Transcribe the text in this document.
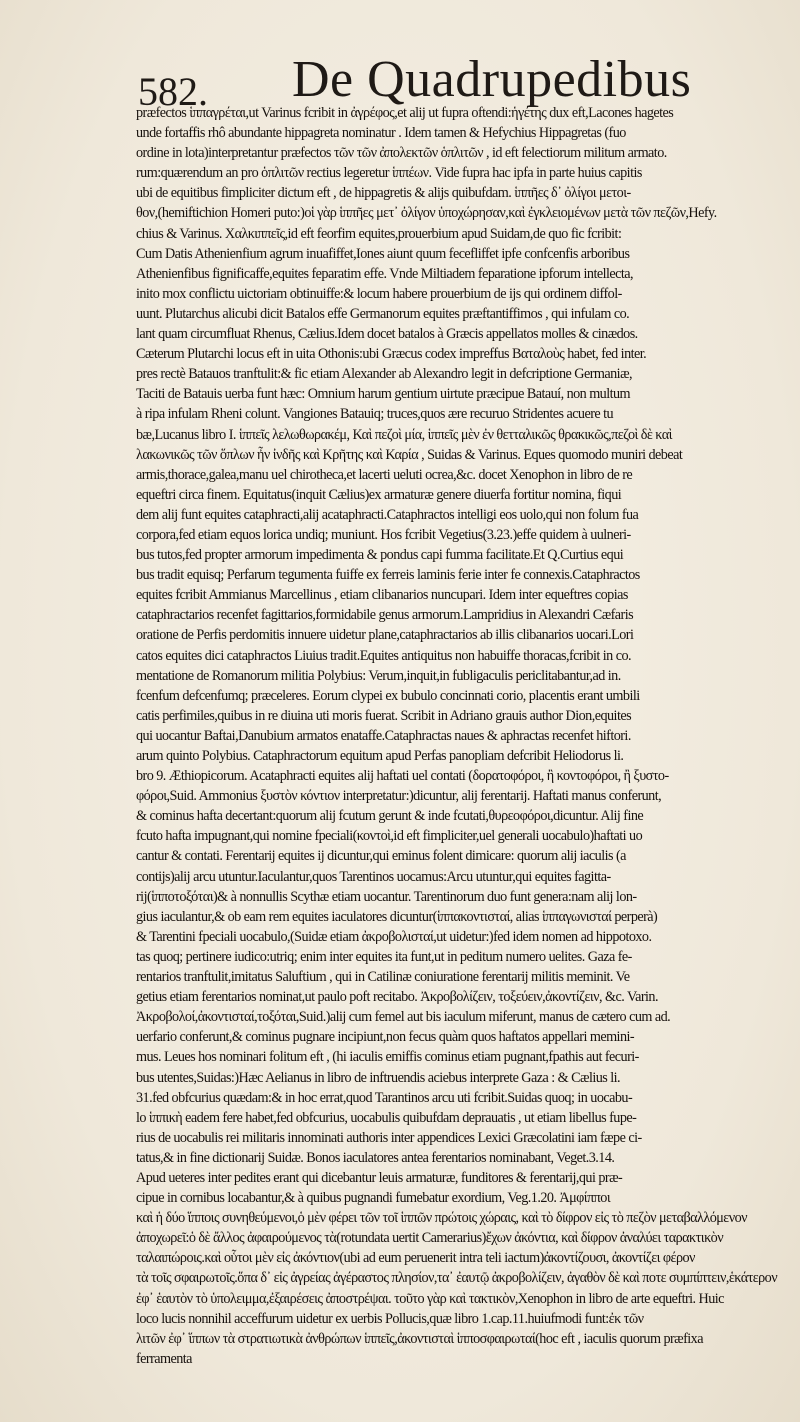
582. De Quadrupedibus
præfectos ἱππαγρέται,ut Varinus fcribit in ἀγρέφος,et alij ut fupra oftendi:ἡγέτης dux eft,Lacones hagetes
unde fortaffis rhô abundante hippagreta nominatur . Idem tamen & Hefychius Hippagretas (fuo
ordine in lota)interpretantur præfectos τῶν τῶν ἀπολεκτῶν ὁπλιτῶν , id eft felectiorum militum armato.
rum:quærendum an pro ὁπλιτῶν rectius legeretur ἱππέων. Vide fupra hac ipfa in parte huius capitis
ubi de equitibus fimpliciter dictum eft , de hippagretis & alijs quibufdam. ἱππῆες δ᾽ ὀλίγοι μετοι-
θον,(hemiftichion Homeri puto:)οἱ γὰρ ἱππῆες μετ᾽ ὀλίγον ὑποχώρησαν,καὶ ἐγκλειομένων μετὰ τῶν πεζῶν,Hefy.
chius & Varinus. Χαλκιππεῖς,id eft feorfim equites,prouerbium apud Suidam,de quo fic fcribit:
Cum Datis Athenienfium agrum inuafiffet,Iones aiunt quum fecefliffet ipfe confcenfis arboribus
Athenienfibus fignificaffe,equites feparatim effe. Vnde Miltiadem feparatione ipforum intellecta,
inito mox conflictu uictoriam obtinuiffe:& locum habere prouerbium de ijs qui ordinem diffol-
uunt. Plutarchus alicubi dicit Batalos effe Germanorum equites præftantiffimos , qui infulam co.
lant quam circumfluat Rhenus, Cælius.Idem docet batalos à Græcis appellatos molles & cinædos.
Cæterum Plutarchi locus eft in uita Othonis:ubi Græcus codex impreffus Βαταλοὺς habet, fed inter.
pres rectè Batauos tranftulit:& fic etiam Alexander ab Alexandro legit in defcriptione Germaniæ,
Taciti de Batauis uerba funt hæc: Omnium harum gentium uirtute præcipue Batauí, non multum
à ripa infulam Rheni colunt. Vangiones Batauiq; truces,quos ære recuruo Stridentes acuere tu
bæ,Lucanus libro I. ἱππεῖς λελωθωρακέμ, Καὶ πεζοὶ μία, ἱππεῖς μὲν ἐν θετταλικῶς θρακικῶς,πεζοὶ δὲ καὶ
λακωνικῶς τῶν ὅπλων ἦν ἰνδῆς καὶ Κρῆτης καὶ Καρία , Suidas & Varinus. Eques quomodo muniri debeat
armis,thorace,galea,manu uel chirotheca,et lacerti ueluti ocrea,&c. docet Xenophon in libro de re
equeftri circa finem. Equitatus(inquit Cælius)ex armaturæ genere diuerfa fortitur nomina, fiqui
dem alij funt equites cataphracti,alij acataphracti.Cataphractos intelligi eos uolo,qui non folum fua
corpora,fed etiam equos lorica undiq; muniunt. Hos fcribit Vegetius(3.23.)effe quidem à uulneri-
bus tutos,fed propter armorum impedimenta & pondus capi fumma facilitate.Et Q.Curtius equi
bus tradit equisq; Perfarum tegumenta fuiffe ex ferreis laminis ferie inter fe connexis.Cataphractos
equites fcribit Ammianus Marcellinus , etiam clibanarios nuncupari. Idem inter equeftres copias
cataphractarios recenfet fagittarios,formidabile genus armorum.Lampridius in Alexandri Cæfaris
oratione de Perfis perdomitis innuere uidetur plane,cataphractarios ab illis clibanarios uocari.Lori
catos equites dici cataphractos Liuius tradit.Equites antiquitus non habuiffe thoracas,fcribit in co.
mentatione de Romanorum militia Polybius: Verum,inquit,in fubligaculis periclitabantur,ad in.
fcenfum defcenfumq; præceleres. Eorum clypei ex bubulo concinnati corio, placentis erant umbili
catis perfimiles,quibus in re diuina uti moris fuerat. Scribit in Adriano grauis author Dion,equites
qui uocantur Baftai,Danubium armatos enataffe.Cataphractas naues & aphractas recenfet hiftori.
arum quinto Polybius. Cataphractorum equitum apud Perfas panopliam defcribit Heliodorus li.
bro 9. Æthiopicorum. Acataphracti equites alij haftati uel contati (δορατοφόροι, ἢ κοντοφόροι, ἢ ξυστο-
φόροι,Suid. Ammonius ξυστὸν κόντιον interpretatur:)dicuntur, alij ferentarij. Haftati manus conferunt,
& cominus hafta decertant:quorum alij fcutum gerunt & inde fcutati,θυρεοφόροι,dicuntur. Alij fine
fcuto hafta impugnant,qui nomine fpeciali(κοντοὶ,id eft fimpliciter,uel generali uocabulo)haftati uo
cantur & contati. Ferentarij equites ij dicuntur,qui eminus folent dimicare: quorum alij iaculis (a
contijs)alij arcu utuntur.Iaculantur,quos Tarentinos uocamus:Arcu utuntur,qui equites fagitta-
rij(ἱπποτοξόται)& à nonnullis Scythæ etiam uocantur. Tarentinorum duo funt genera:nam alij lon-
gius iaculantur,& ob eam rem equites iaculatores dicuntur(ἱππακοντισταί, alias ἱππαγωνισταί perperà)
& Tarentini fpeciali uocabulo,(Suidæ etiam ἀκροβολισταί,ut uidetur:)fed idem nomen ad hippotoxo.
tas quoq; pertinere iudico:utriq; enim inter equites ita funt,ut in peditum numero uelites. Gaza fe-
rentarios tranftulit,imitatus Saluftium , qui in Catilinæ coniuratione ferentarij militis meminit. Ve
getius etiam ferentarios nominat,ut paulo poft recitabo. Ἀκροβολίζειν, τοξεύειν,ἀκοντίζειν, &c. Varin.
Ἀκροβολοί,ἀκοντισταί,τοξόται,Suid.)alij cum femel aut bis iaculum miferunt, manus de cætero cum ad.
uerfario conferunt,& cominus pugnare incipiunt,non fecus quàm quos haftatos appellari memini-
mus. Leues hos nominari folitum eft , (hi iaculis emiffis cominus etiam pugnant,fpathis aut fecuri-
bus utentes,Suidas:)Hæc Aelianus in libro de inftruendis aciebus interprete Gaza : & Cælius li.
31.fed obfcurius quædam:& in hoc errat,quod Tarantinos arcu uti fcribit.Suidas quoq; in uocabu-
lo ἱππικὴ eadem fere habet,fed obfcurius, uocabulis quibufdam deprauatis , ut etiam libellus fupe-
rius de uocabulis rei militaris innominati authoris inter appendices Lexici Græcolatini iam fæpe ci-
tatus,& in fine dictionarij Suidæ. Bonos iaculatores antea ferentarios nominabant, Veget.3.14.
Apud ueteres inter pedites erant qui dicebantur leuis armaturæ, funditores & ferentarij,qui præ-
cipue in cornibus locabantur,& à quibus pugnandi fumebatur exordium, Veg.1.20. Ἀμφίπποι
καὶ ἡ δύο ἵπποις συνηθεύμενοι,ὁ μὲν φέρει τῶν τοῖ ἱππῶν πρώτοις χώραις, καὶ τὸ δίφρον εἰς τὸ πεζὸν μεταβαλλόμενον
ἀποχωρεῖ:ὁ δὲ ἄλλος ἀφαιρούμενος τὰ(rotundata uertit Camerarius)ἔχων ἀκόντια, καὶ δίφρον ἀναλύει ταρακτικὸν
ταλαιπώροις.καὶ οὗτοι μὲν εἰς ἀκόντιον(ubi ad eum peruenerit intra teli iactum)ἀκοντίζουσι, ἀκοντίζει φέρον
τὰ τοῖς σφαιρωτοῖς.ὅπα δ᾽ εἰς ἀγρείας ἀγέραστος πλησίον,τα᾽ ἐαυτῷ ἀκροβολίζειν, ἀγαθὸν δὲ καὶ ποτε συμπίπτειν,ἑκάτερον
ἐφ᾽ ἑαυτὸν τὸ ὑπολειμμα,ἐξαιρέσεις ἀποστρέψαι. τοῦτο γὰρ καὶ τακτικὸν,Xenophon in libro de arte equeftri. Huic
loco lucis nonnihil acceffurum uidetur ex uerbis Pollucis,quæ libro 1.cap.11.huiufmodi funt:ἐκ τῶν
λιτῶν ἐφ᾽ ἵππων τὰ στρατιωτικὰ ἀνθρώπων ἱππεῖς,ἀκοντισταὶ ἱπποσφαιρωταί(hoc eft , iaculis quorum præfixa
ferramenta
